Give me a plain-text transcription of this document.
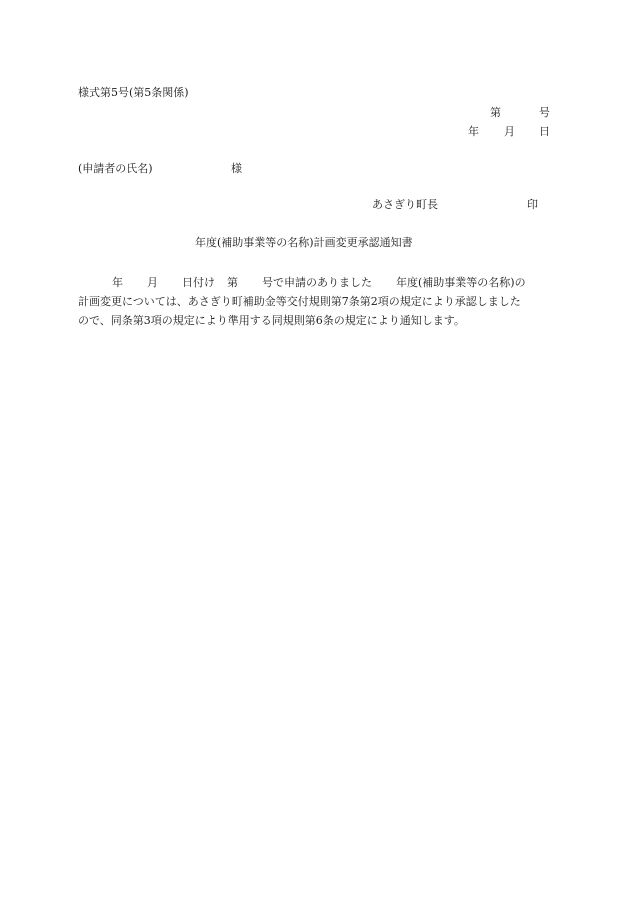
様式第5号(第5条関係)
第	号
年 月 日
(申請者の氏名)	様
あさぎり町長	印
年度(補助事業等の名称)計画変更承認通知書
年 月 日付け 第 号で申請のありました 年度(補助事業等の名称)の
計画変更については、あさぎり町補助金等交付規則第7条第2項の規定により承認しました
ので、同条第3項の規定により準用する同規則第6条の規定により通知します。
